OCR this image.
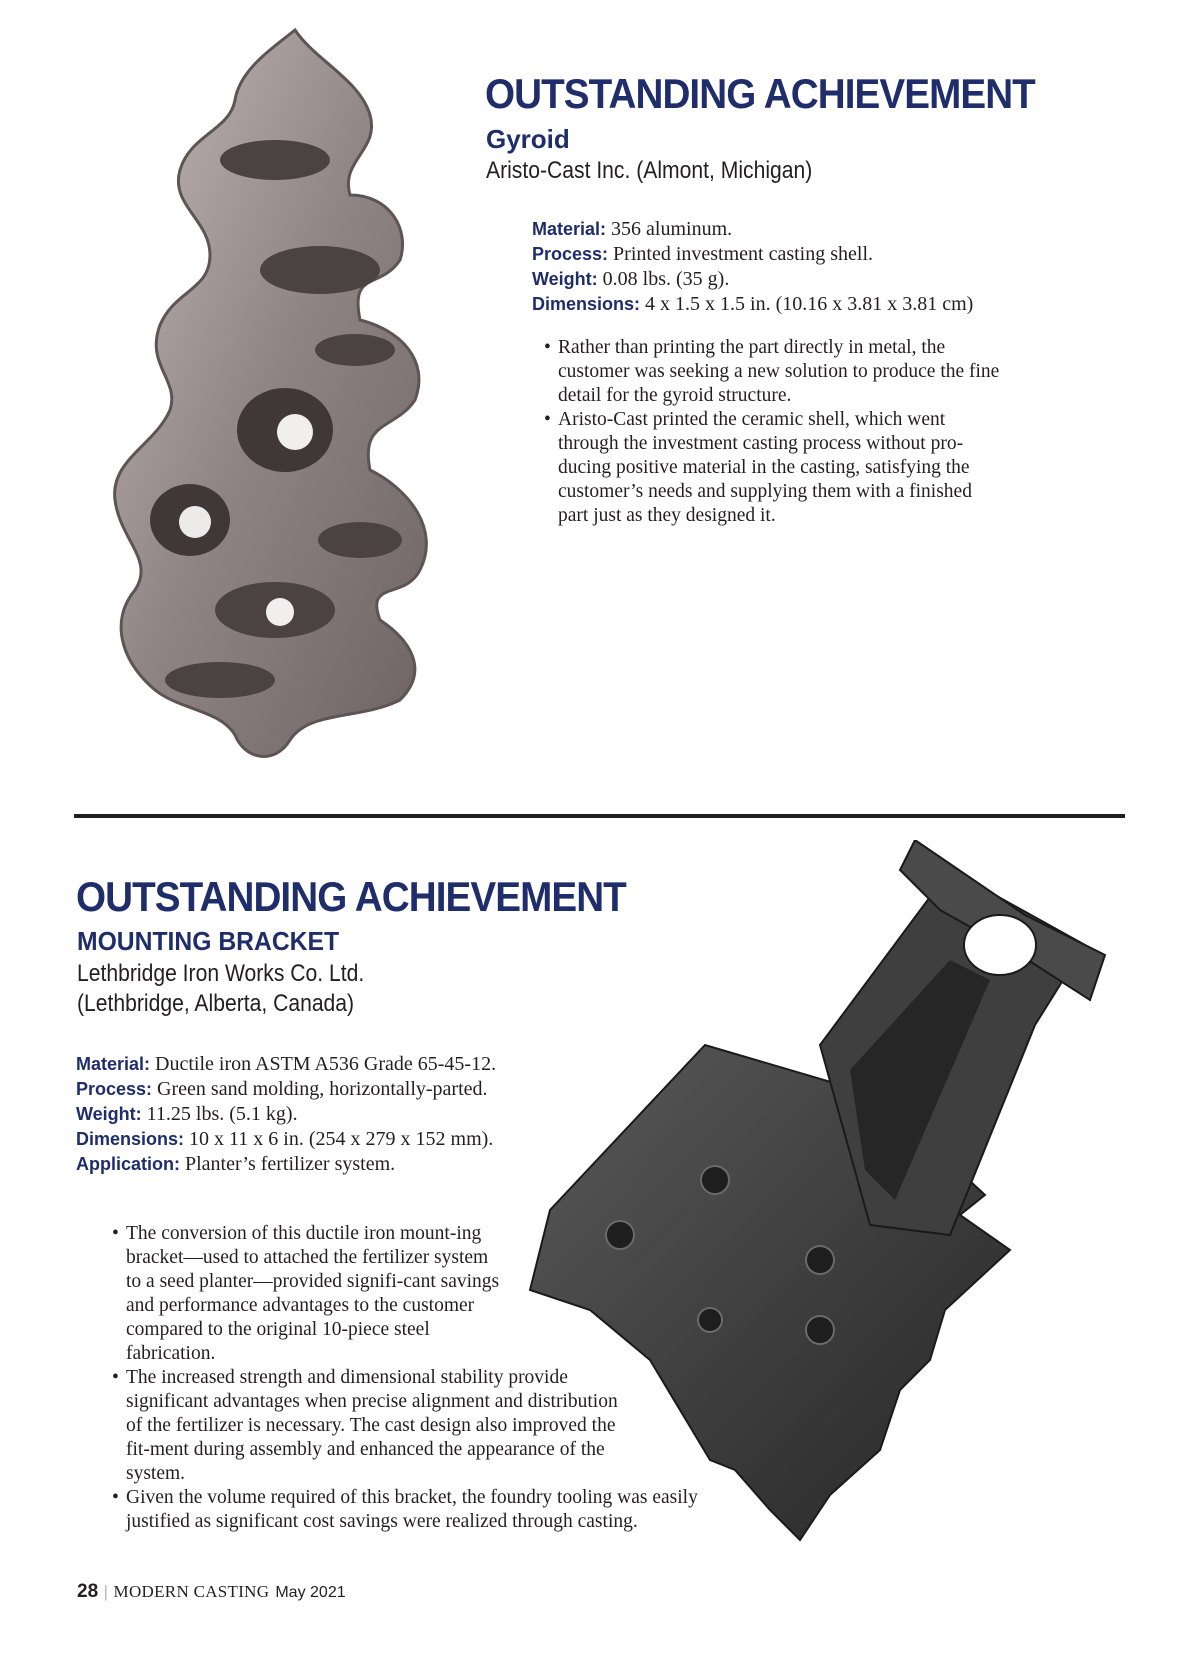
OUTSTANDING ACHIEVEMENT
Gyroid
Aristo-Cast Inc. (Almont, Michigan)
Material: 356 aluminum.
Process: Printed investment casting shell.
Weight: 0.08 lbs. (35 g).
Dimensions: 4 x 1.5 x 1.5 in. (10.16 x 3.81 x 3.81 cm)
• Rather than printing the part directly in metal, the customer was seeking a new solution to produce the fine detail for the gyroid structure.
• Aristo-Cast printed the ceramic shell, which went through the investment casting process without pro-ducing positive material in the casting, satisfying the customer’s needs and supplying them with a finished part just as they designed it.
OUTSTANDING ACHIEVEMENT
MOUNTING BRACKET
Lethbridge Iron Works Co. Ltd.
(Lethbridge, Alberta, Canada)
Material: Ductile iron ASTM A536 Grade 65-45-12.
Process: Green sand molding, horizontally-parted.
Weight: 11.25 lbs. (5.1 kg).
Dimensions: 10 x 11 x 6 in. (254 x 279 x 152 mm).
Application: Planter’s fertilizer system.
• The conversion of this ductile iron mount-ing bracket—used to attached the fertilizer system to a seed planter—provided signifi-cant savings and performance advantages to the customer compared to the original 10-piece steel fabrication.
• The increased strength and dimensional stability provide significant advantages when precise alignment and distribution of the fertilizer is necessary. The cast design also improved the fit-ment during assembly and enhanced the appearance of the system.
• Given the volume required of this bracket, the foundry tooling was easily justified as significant cost savings were realized through casting.
28 | MODERN CASTING May 2021
